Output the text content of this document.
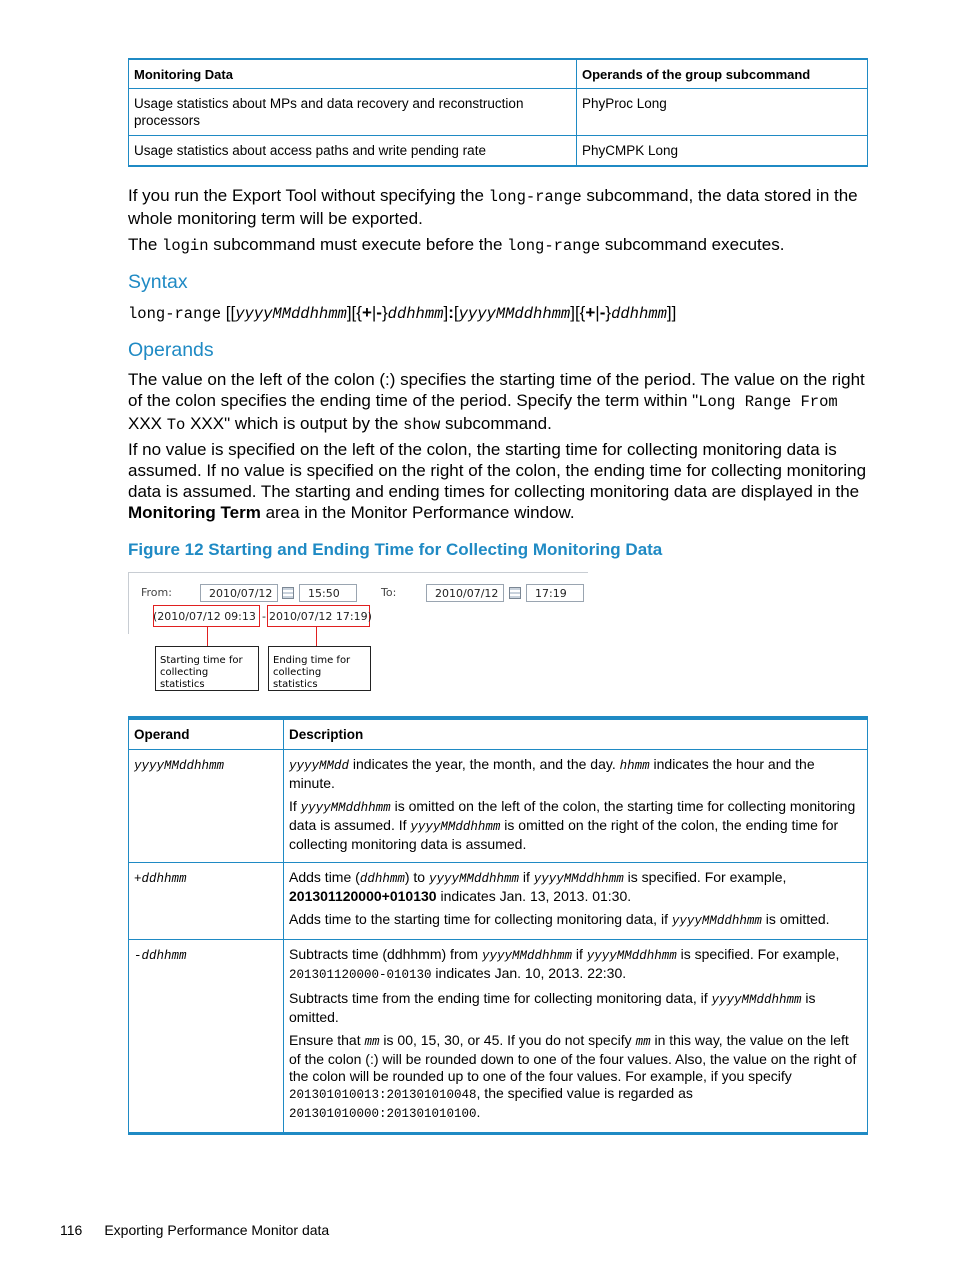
Monitoring Data	Operands of the group subcommand
Usage statistics about MPs and data recovery and reconstruction processors	PhyProc Long
Usage statistics about access paths and write pending rate	PhyCMPK Long
If you run the Export Tool without specifying the long-range subcommand, the data stored in the whole monitoring term will be exported.
The login subcommand must execute before the long-range subcommand executes.
Syntax
long-range [[yyyyMMddhhmm][{+|-}ddhhmm]:[yyyyMMddhhmm][{+|-}ddhhmm]]
Operands
The value on the left of the colon (:) specifies the starting time of the period. The value on the right of the colon specifies the ending time of the period. Specify the term within "Long Range From XXX To XXX" which is output by the show subcommand.
If no value is specified on the left of the colon, the starting time for collecting monitoring data is assumed. If no value is specified on the right of the colon, the ending time for collecting monitoring data is assumed. The starting and ending times for collecting monitoring data are displayed in the Monitoring Term area in the Monitor Performance window.
Figure 12 Starting and Ending Time for Collecting Monitoring Data
From:	2010/07/12	15:50	To:	2010/07/12	17:19
(2010/07/12 09:13 - 2010/07/12 17:19)
Starting time for collecting statistics
Ending time for collecting statistics
Operand	Description
yyyyMMddhhmm	yyyyMMdd indicates the year, the month, and the day. hhmm indicates the hour and the minute.

If yyyyMMddhhmm is omitted on the left of the colon, the starting time for collecting monitoring data is assumed. If yyyyMMddhhmm is omitted on the right of the colon, the ending time for collecting monitoring data is assumed.

+ddhhmm	Adds time (ddhhmm) to yyyyMMddhhmm if yyyyMMddhhmm is specified. For example, 201301120000+010130 indicates Jan. 13, 2013. 01:30.

Adds time to the starting time for collecting monitoring data, if yyyyMMddhhmm is omitted.

-ddhhmm	Subtracts time (ddhhmm) from yyyyMMddhhmm if yyyyMMddhhmm is specified. For example, 201301120000-010130 indicates Jan. 10, 2013. 22:30.

Subtracts time from the ending time for collecting monitoring data, if yyyyMMddhhmm is omitted.

Ensure that mm is 00, 15, 30, or 45. If you do not specify mm in this way, the value on the left of the colon (:) will be rounded down to one of the four values. Also, the value on the right of the colon will be rounded up to one of the four values. For example, if you specify 201301010013:201301010048, the specified value is regarded as 201301010000:201301010100.

116 Exporting Performance Monitor data
